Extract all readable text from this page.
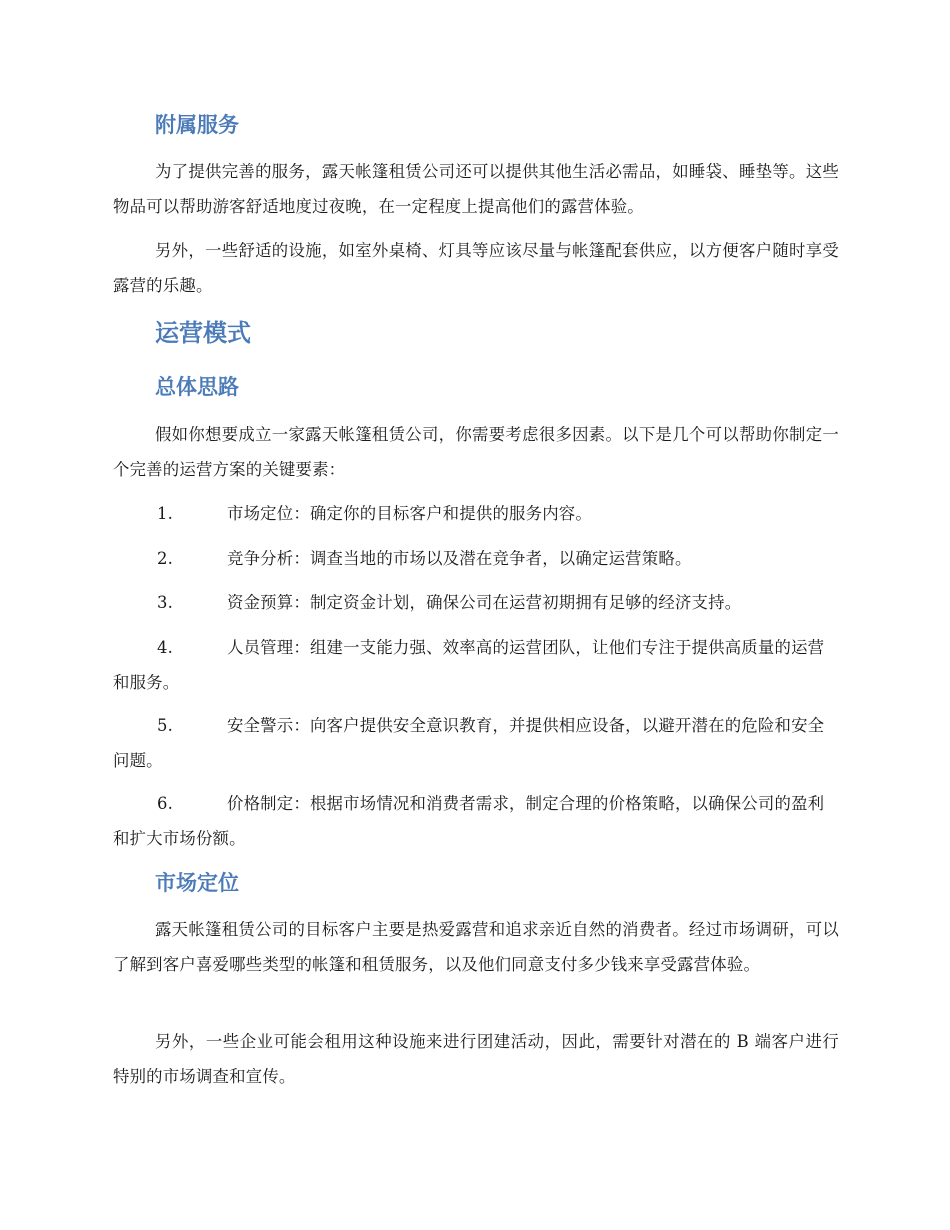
附属服务

为了提供完善的服务，露天帐篷租赁公司还可以提供其他生活必需品，如睡袋、睡垫等。这些物品可以帮助游客舒适地度过夜晚，在一定程度上提高他们的露营体验。

另外，一些舒适的设施，如室外桌椅、灯具等应该尽量与帐篷配套供应，以方便客户随时享受露营的乐趣。

运营模式
总体思路

假如你想要成立一家露天帐篷租赁公司，你需要考虑很多因素。以下是几个可以帮助你制定一个完善的运营方案的关键要素：

1.	市场定位：确定你的目标客户和提供的服务内容。

2.	竞争分析：调查当地的市场以及潜在竞争者，以确定运营策略。

3.	资金预算：制定资金计划，确保公司在运营初期拥有足够的经济支持。

4.	人员管理：组建一支能力强、效率高的运营团队，让他们专注于提供高质量的运营和服务。

5.	安全警示：向客户提供安全意识教育，并提供相应设备，以避开潜在的危险和安全问题。

6.	价格制定：根据市场情况和消费者需求，制定合理的价格策略，以确保公司的盈利和扩大市场份额。

市场定位

露天帐篷租赁公司的目标客户主要是热爱露营和追求亲近自然的消费者。经过市场调研，可以了解到客户喜爱哪些类型的帐篷和租赁服务，以及他们同意支付多少钱来享受露营体验。

另外，一些企业可能会租用这种设施来进行团建活动，因此，需要针对潜在的 B 端客户进行特别的市场调查和宣传。
